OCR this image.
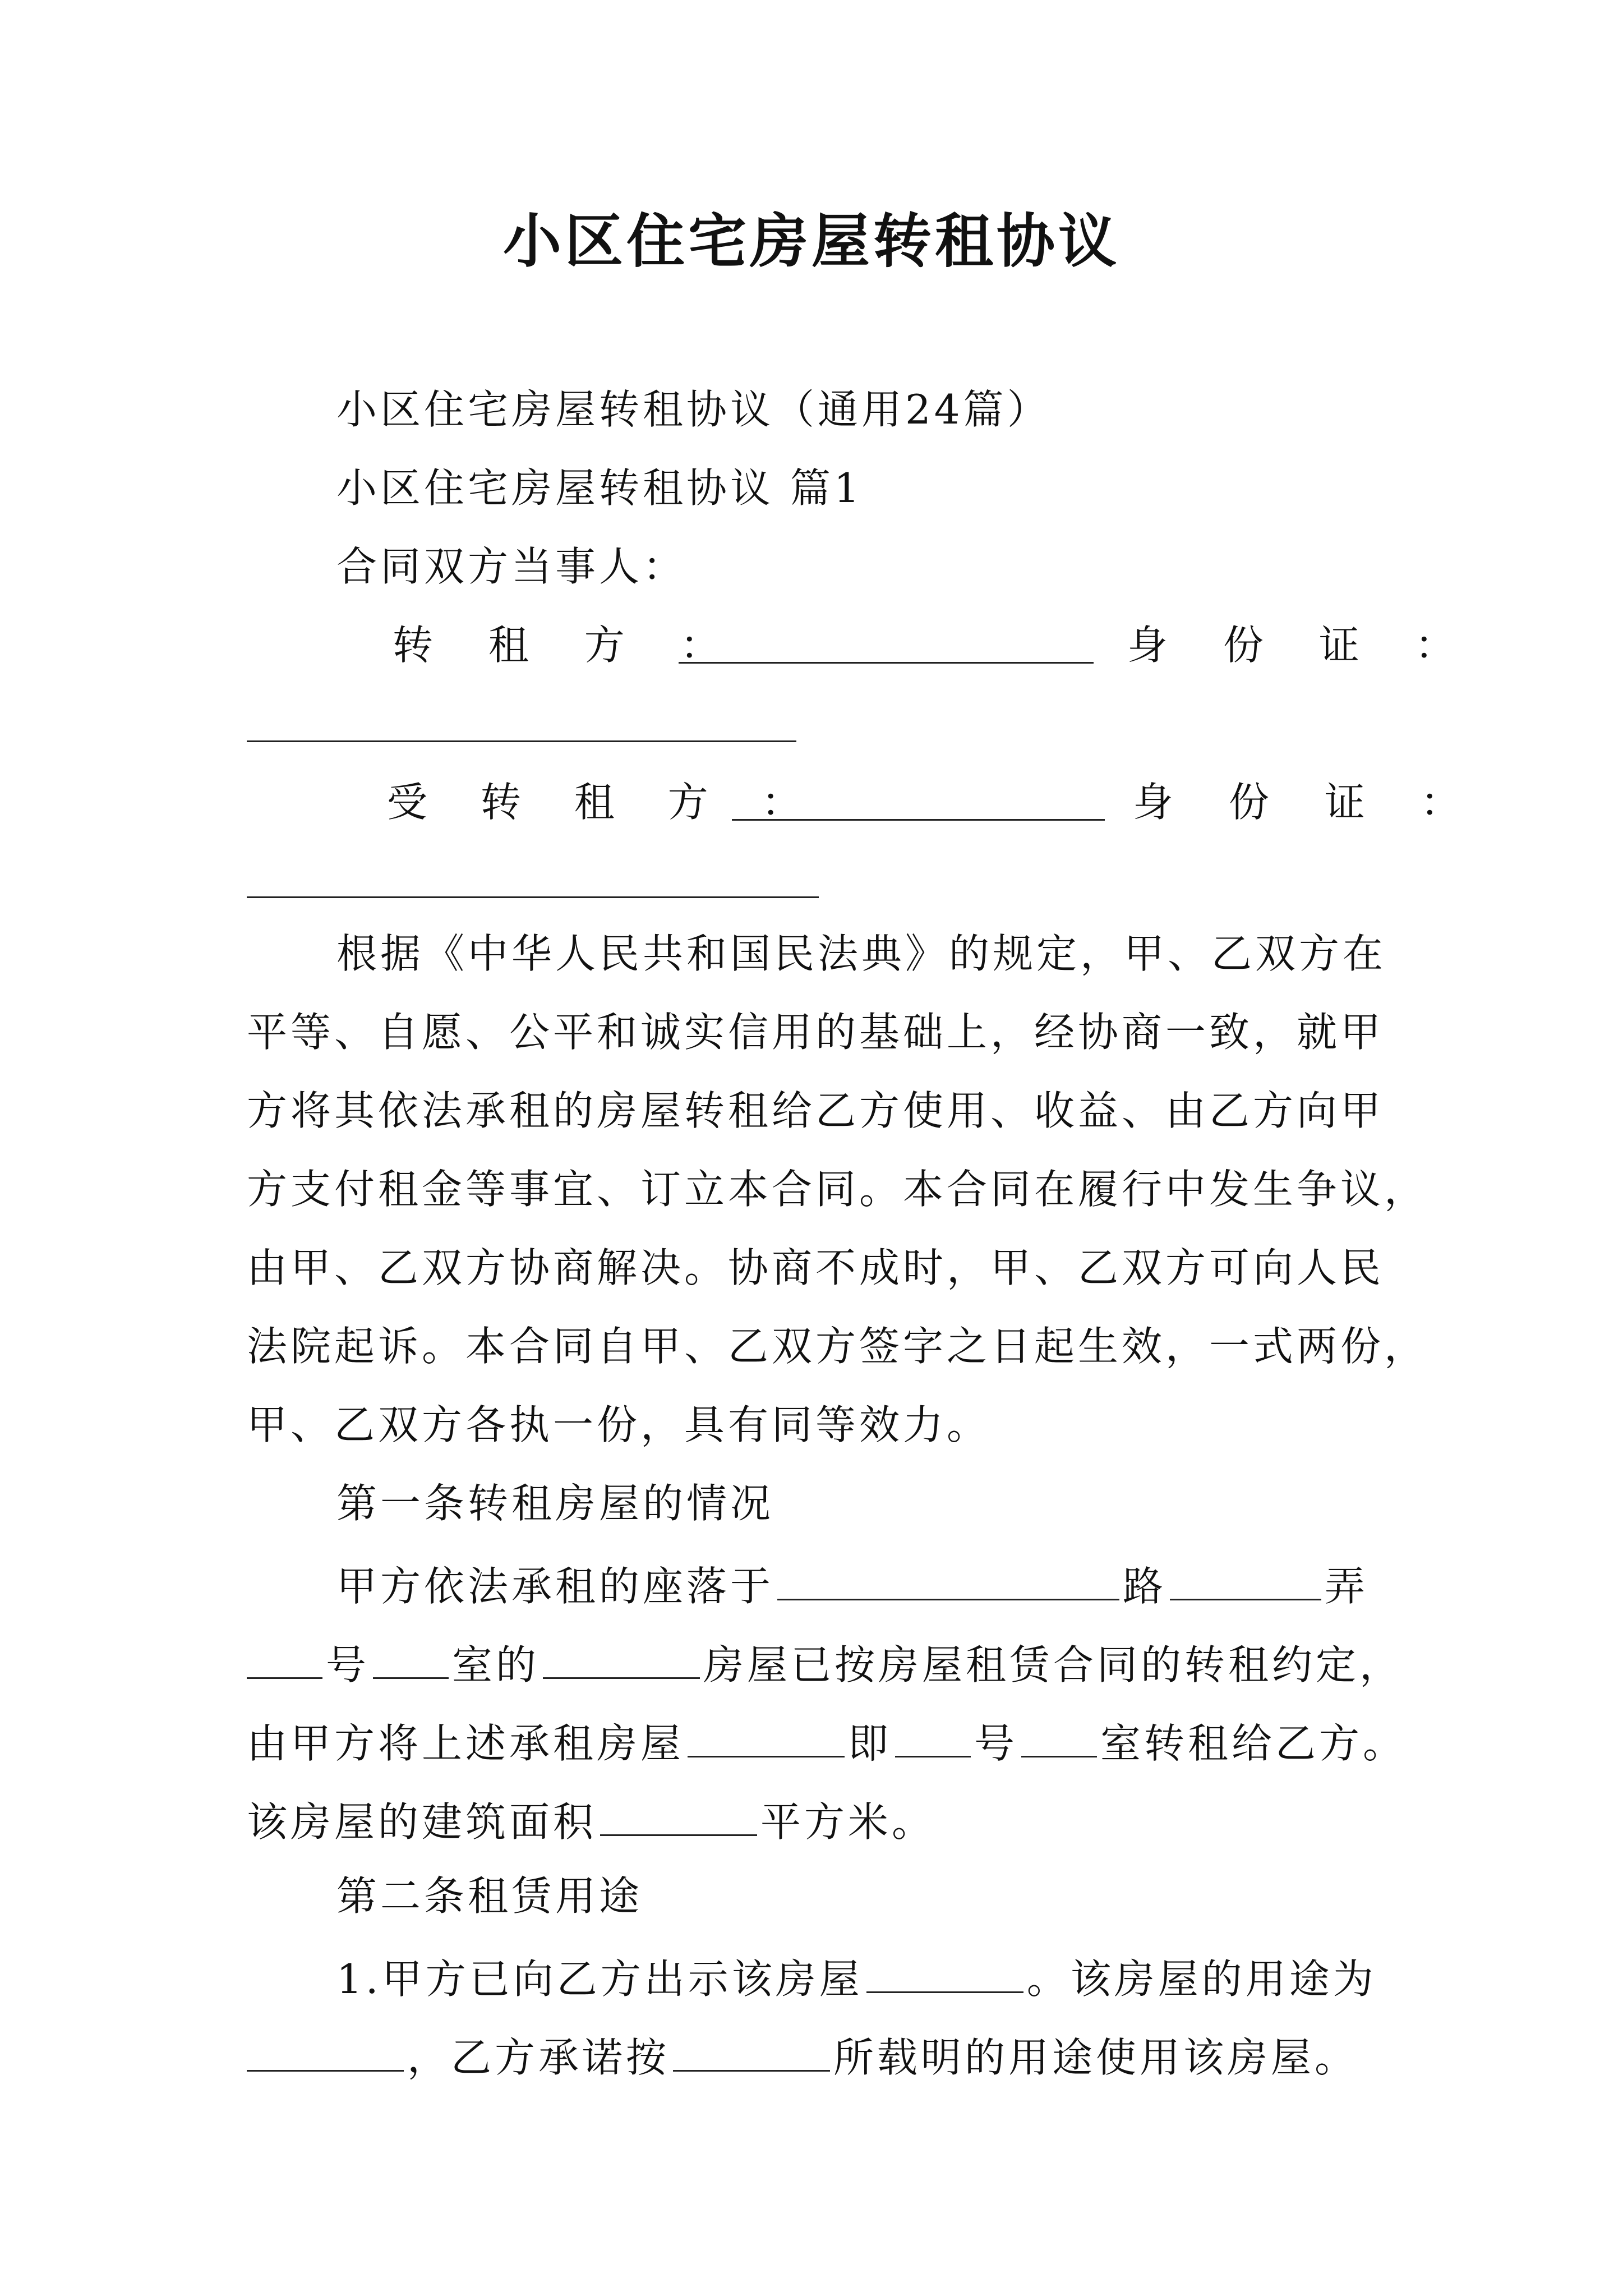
小区住宅房屋转租协议
小区住宅房屋转租协议（通用24篇）
小区住宅房屋转租协议 篇1
合同双方当事人：
转 租 方 ：	身 份 证 ：
受 转 租 方 ：	身 份 证 ：
根据《中华人民共和国民法典》的规定，甲、乙双方在
平等、自愿、公平和诚实信用的基础上，经协商一致，就甲
方将其依法承租的房屋转租给乙方使用、收益、由乙方向甲
方支付租金等事宜、订立本合同。本合同在履行中发生争议，
由甲、乙双方协商解决。协商不成时，甲、乙双方可向人民
法院起诉。本合同自甲、乙双方签字之日起生效，一式两份，
甲、乙双方各执一份，具有同等效力。
第一条转租房屋的情况
甲方依法承租的座落于	路	弄
号 室的	房屋已按房屋租赁合同的转租约定，
由甲方将上述承租房屋	即 号 室转租给乙方。
该房屋的建筑面积	平方米。
第二条租赁用途
1.甲方已向乙方出示该房屋	。该房屋的用途为
，乙方承诺按	所载明的用途使用该房屋。
